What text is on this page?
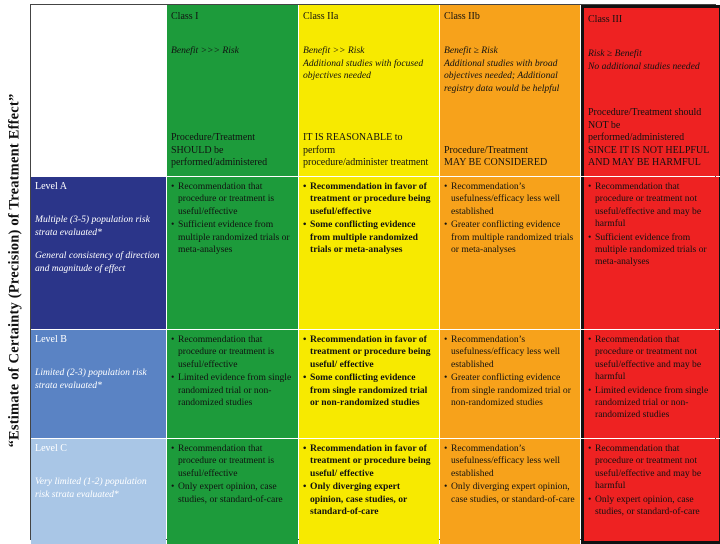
“Estimate of Certainty (Precision) of Treatment Effect”
Class I
Benefit >>> Risk
Procedure/Treatment
SHOULD be
performed/administered
Class IIa
Benefit >> Risk
Additional studies with focused
objectives needed
IT IS REASONABLE to perform
procedure/administer treatment
Class IIb
Benefit ≥ Risk
Additional studies with broad
objectives needed; Additional
registry data would be helpful
Procedure/Treatment
MAY BE CONSIDERED
Class III
Risk ≥ Benefit
No additional studies needed
Procedure/Treatment should
NOT be performed/administered
SINCE IT IS NOT HELPFUL
AND MAY BE HARMFUL
Level A
Multiple (3-5) population risk strata evaluated*
General consistency of direction and magnitude of effect
• Recommendation that procedure or treatment is useful/effective
• Sufficient evidence from multiple randomized trials or meta-analyses
• Recommendation in favor of treatment or procedure being useful/effective
• Some conflicting evidence from multiple randomized trials or meta-analyses
• Recommendation’s usefulness/efficacy less well established
• Greater conflicting evidence from multiple randomized trials or meta-analyses
• Recommendation that procedure or treatment not useful/effective and may be harmful
• Sufficient evidence from multiple randomized trials or meta-analyses
Level B
Limited (2-3) population risk strata evaluated*
• Recommendation that procedure or treatment is useful/effective
• Limited evidence from single randomized trial or non-randomized studies
• Recommendation in favor of treatment or procedure being useful/ effective
• Some conflicting evidence from single randomized trial or non-randomized studies
• Recommendation’s usefulness/efficacy less well established
• Greater conflicting evidence from single randomized trial or non-randomized studies
• Recommendation that procedure or treatment not useful/effective and may be harmful
• Limited evidence from single randomized trial or non-randomized studies
Level C
Very limited (1-2) population risk strata evaluated*
• Recommendation that procedure or treatment is useful/effective
• Only expert opinion, case studies, or standard-of-care
• Recommendation in favor of treatment or procedure being useful/ effective
• Only diverging expert opinion, case studies, or standard-of-care
• Recommendation’s usefulness/efficacy less well established
• Only diverging expert opinion, case studies, or standard-of-care
• Recommendation that procedure or treatment not useful/effective and may be harmful
• Only expert opinion, case studies, or standard-of-care
